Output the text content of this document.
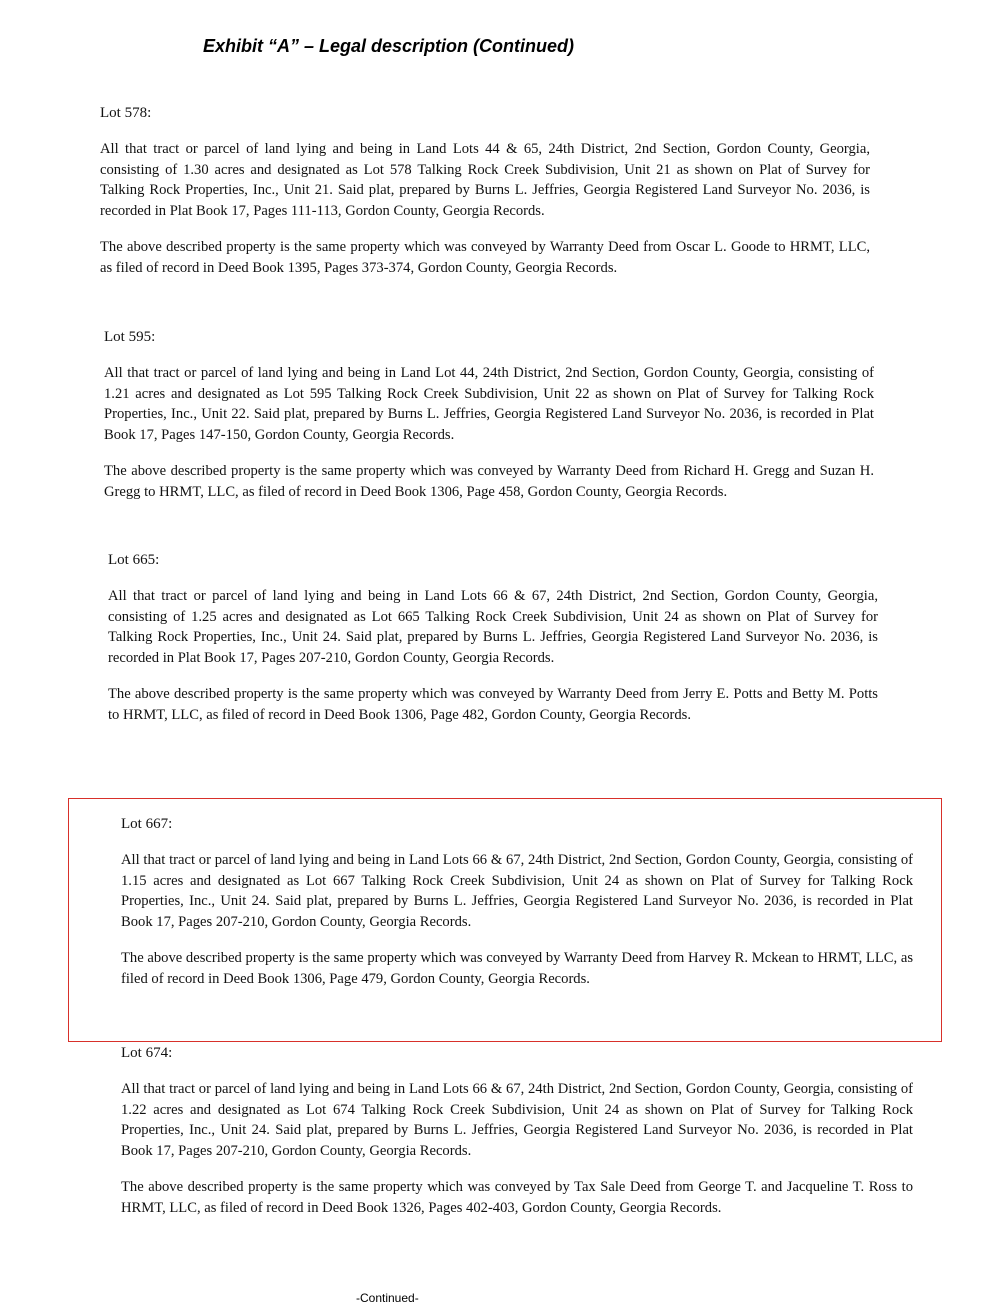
Exhibit “A” – Legal description (Continued)
Lot 578:

All that tract or parcel of land lying and being in Land Lots 44 & 65, 24th District, 2nd Section, Gordon County, Georgia, consisting of 1.30 acres and designated as Lot 578 Talking Rock Creek Subdivision, Unit 21 as shown on Plat of Survey for Talking Rock Properties, Inc., Unit 21. Said plat, prepared by Burns L. Jeffries, Georgia Registered Land Surveyor No. 2036, is recorded in Plat Book 17, Pages 111-113, Gordon County, Georgia Records.

The above described property is the same property which was conveyed by Warranty Deed from Oscar L. Goode to HRMT, LLC, as filed of record in Deed Book 1395, Pages 373-374, Gordon County, Georgia Records.

Lot 595:

All that tract or parcel of land lying and being in Land Lot 44, 24th District, 2nd Section, Gordon County, Georgia, consisting of 1.21 acres and designated as Lot 595 Talking Rock Creek Subdivision, Unit 22 as shown on Plat of Survey for Talking Rock Properties, Inc., Unit 22. Said plat, prepared by Burns L. Jeffries, Georgia Registered Land Surveyor No. 2036, is recorded in Plat Book 17, Pages 147-150, Gordon County, Georgia Records.

The above described property is the same property which was conveyed by Warranty Deed from Richard H. Gregg and Suzan H. Gregg to HRMT, LLC, as filed of record in Deed Book 1306, Page 458, Gordon County, Georgia Records.

Lot 665:

All that tract or parcel of land lying and being in Land Lots 66 & 67, 24th District, 2nd Section, Gordon County, Georgia, consisting of 1.25 acres and designated as Lot 665 Talking Rock Creek Subdivision, Unit 24 as shown on Plat of Survey for Talking Rock Properties, Inc., Unit 24. Said plat, prepared by Burns L. Jeffries, Georgia Registered Land Surveyor No. 2036, is recorded in Plat Book 17, Pages 207-210, Gordon County, Georgia Records.

The above described property is the same property which was conveyed by Warranty Deed from Jerry E. Potts and Betty M. Potts to HRMT, LLC, as filed of record in Deed Book 1306, Page 482, Gordon County, Georgia Records.

Lot 667:

All that tract or parcel of land lying and being in Land Lots 66 & 67, 24th District, 2nd Section, Gordon County, Georgia, consisting of 1.15 acres and designated as Lot 667 Talking Rock Creek Subdivision, Unit 24 as shown on Plat of Survey for Talking Rock Properties, Inc., Unit 24. Said plat, prepared by Burns L. Jeffries, Georgia Registered Land Surveyor No. 2036, is recorded in Plat Book 17, Pages 207-210, Gordon County, Georgia Records.

The above described property is the same property which was conveyed by Warranty Deed from Harvey R. Mckean to HRMT, LLC, as filed of record in Deed Book 1306, Page 479, Gordon County, Georgia Records.

Lot 674:

All that tract or parcel of land lying and being in Land Lots 66 & 67, 24th District, 2nd Section, Gordon County, Georgia, consisting of 1.22 acres and designated as Lot 674 Talking Rock Creek Subdivision, Unit 24 as shown on Plat of Survey for Talking Rock Properties, Inc., Unit 24. Said plat, prepared by Burns L. Jeffries, Georgia Registered Land Surveyor No. 2036, is recorded in Plat Book 17, Pages 207-210, Gordon County, Georgia Records.

The above described property is the same property which was conveyed by Tax Sale Deed from George T. and Jacqueline T. Ross to HRMT, LLC, as filed of record in Deed Book 1326, Pages 402-403, Gordon County, Georgia Records.

-Continued-
